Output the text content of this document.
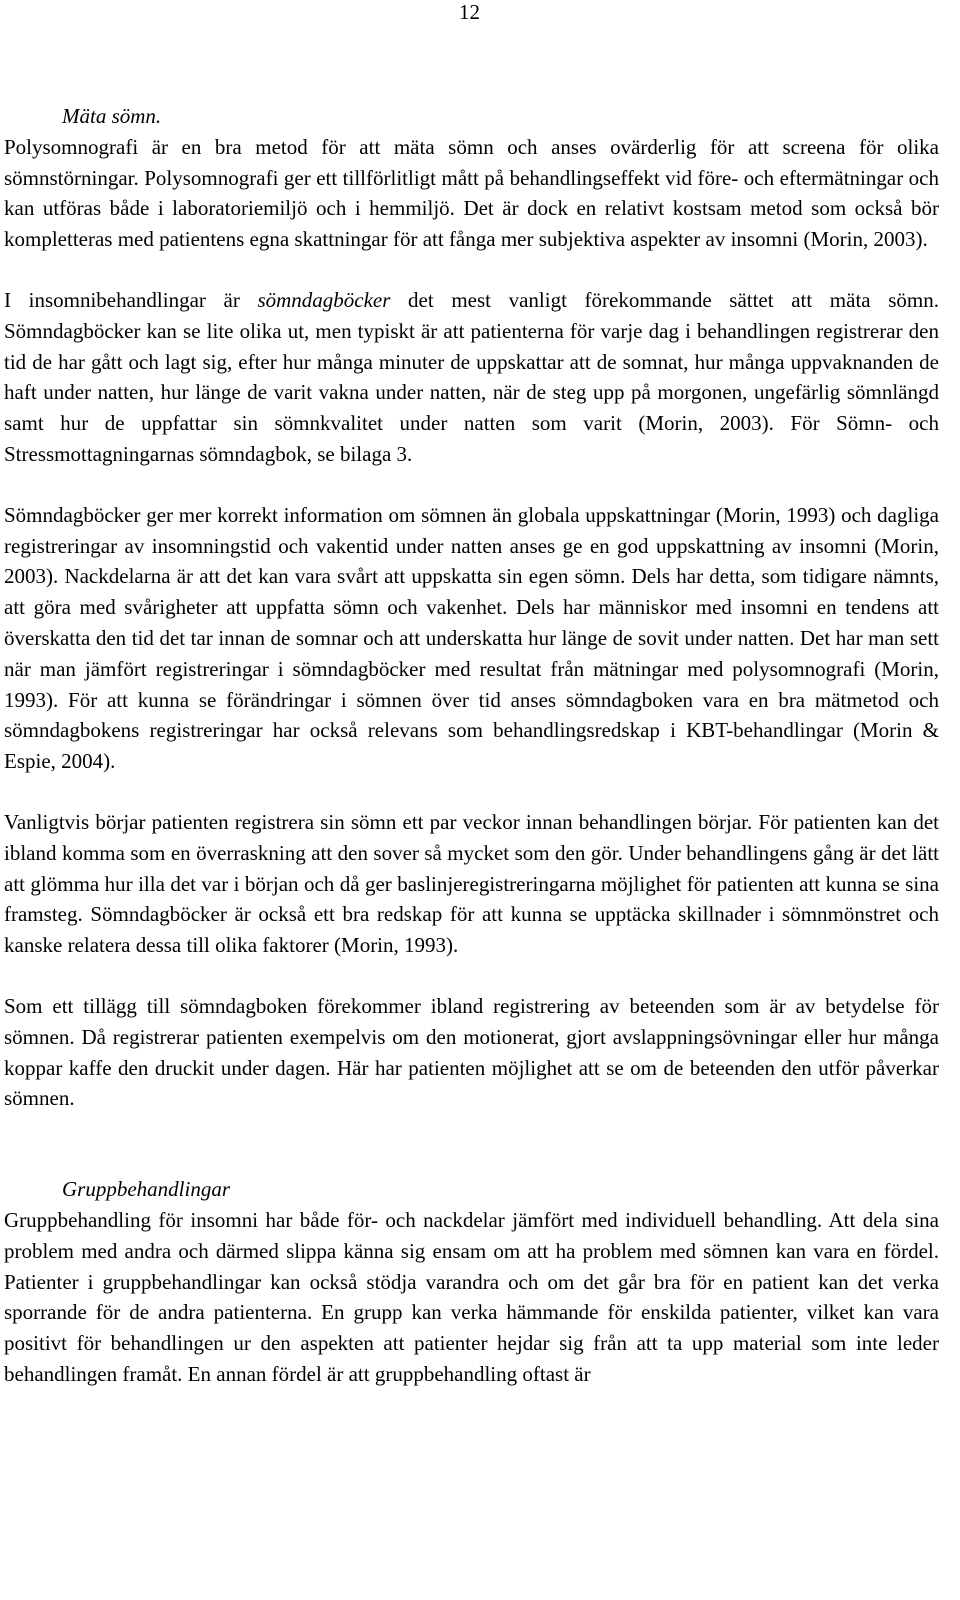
12

Mäta sömn.

Polysomnografi är en bra metod för att mäta sömn och anses ovärderlig för att screena för olika sömnstörningar. Polysomnografi ger ett tillförlitligt mått på behandlingseffekt vid före- och eftermätningar och kan utföras både i laboratoriemiljö och i hemmiljö. Det är dock en relativt kostsam metod som också bör kompletteras med patientens egna skattningar för att fånga mer subjektiva aspekter av insomni (Morin, 2003).

I insomnibehandlingar är sömndagböcker det mest vanligt förekommande sättet att mäta sömn. Sömndagböcker kan se lite olika ut, men typiskt är att patienterna för varje dag i behandlingen registrerar den tid de har gått och lagt sig, efter hur många minuter de uppskattar att de somnat, hur många uppvaknanden de haft under natten, hur länge de varit vakna under natten, när de steg upp på morgonen, ungefärlig sömnlängd samt hur de uppfattar sin sömnkvalitet under natten som varit (Morin, 2003). För Sömn- och Stressmottagningarnas sömndagbok, se bilaga 3.

Sömndagböcker ger mer korrekt information om sömnen än globala uppskattningar (Morin, 1993) och dagliga registreringar av insomningstid och vakentid under natten anses ge en god uppskattning av insomni (Morin, 2003). Nackdelarna är att det kan vara svårt att uppskatta sin egen sömn. Dels har detta, som tidigare nämnts, att göra med svårigheter att uppfatta sömn och vakenhet. Dels har människor med insomni en tendens att överskatta den tid det tar innan de somnar och att underskatta hur länge de sovit under natten. Det har man sett när man jämfört registreringar i sömndagböcker med resultat från mätningar med polysomnografi (Morin, 1993). För att kunna se förändringar i sömnen över tid anses sömndagboken vara en bra mätmetod och sömndagbokens registreringar har också relevans som behandlingsredskap i KBT-behandlingar (Morin & Espie, 2004).

Vanligtvis börjar patienten registrera sin sömn ett par veckor innan behandlingen börjar. För patienten kan det ibland komma som en överraskning att den sover så mycket som den gör. Under behandlingens gång är det lätt att glömma hur illa det var i början och då ger baslinjeregistreringarna möjlighet för patienten att kunna se sina framsteg. Sömndagböcker är också ett bra redskap för att kunna se upptäcka skillnader i sömnmönstret och kanske relatera dessa till olika faktorer (Morin, 1993).

Som ett tillägg till sömndagboken förekommer ibland registrering av beteenden som är av betydelse för sömnen. Då registrerar patienten exempelvis om den motionerat, gjort avslappningsövningar eller hur många koppar kaffe den druckit under dagen. Här har patienten möjlighet att se om de beteenden den utför påverkar sömnen.

Gruppbehandlingar

Gruppbehandling för insomni har både för- och nackdelar jämfört med individuell behandling. Att dela sina problem med andra och därmed slippa känna sig ensam om att ha problem med sömnen kan vara en fördel. Patienter i gruppbehandlingar kan också stödja varandra och om det går bra för en patient kan det verka sporrande för de andra patienterna. En grupp kan verka hämmande för enskilda patienter, vilket kan vara positivt för behandlingen ur den aspekten att patienter hejdar sig från att ta upp material som inte leder behandlingen framåt. En annan fördel är att gruppbehandling oftast är
